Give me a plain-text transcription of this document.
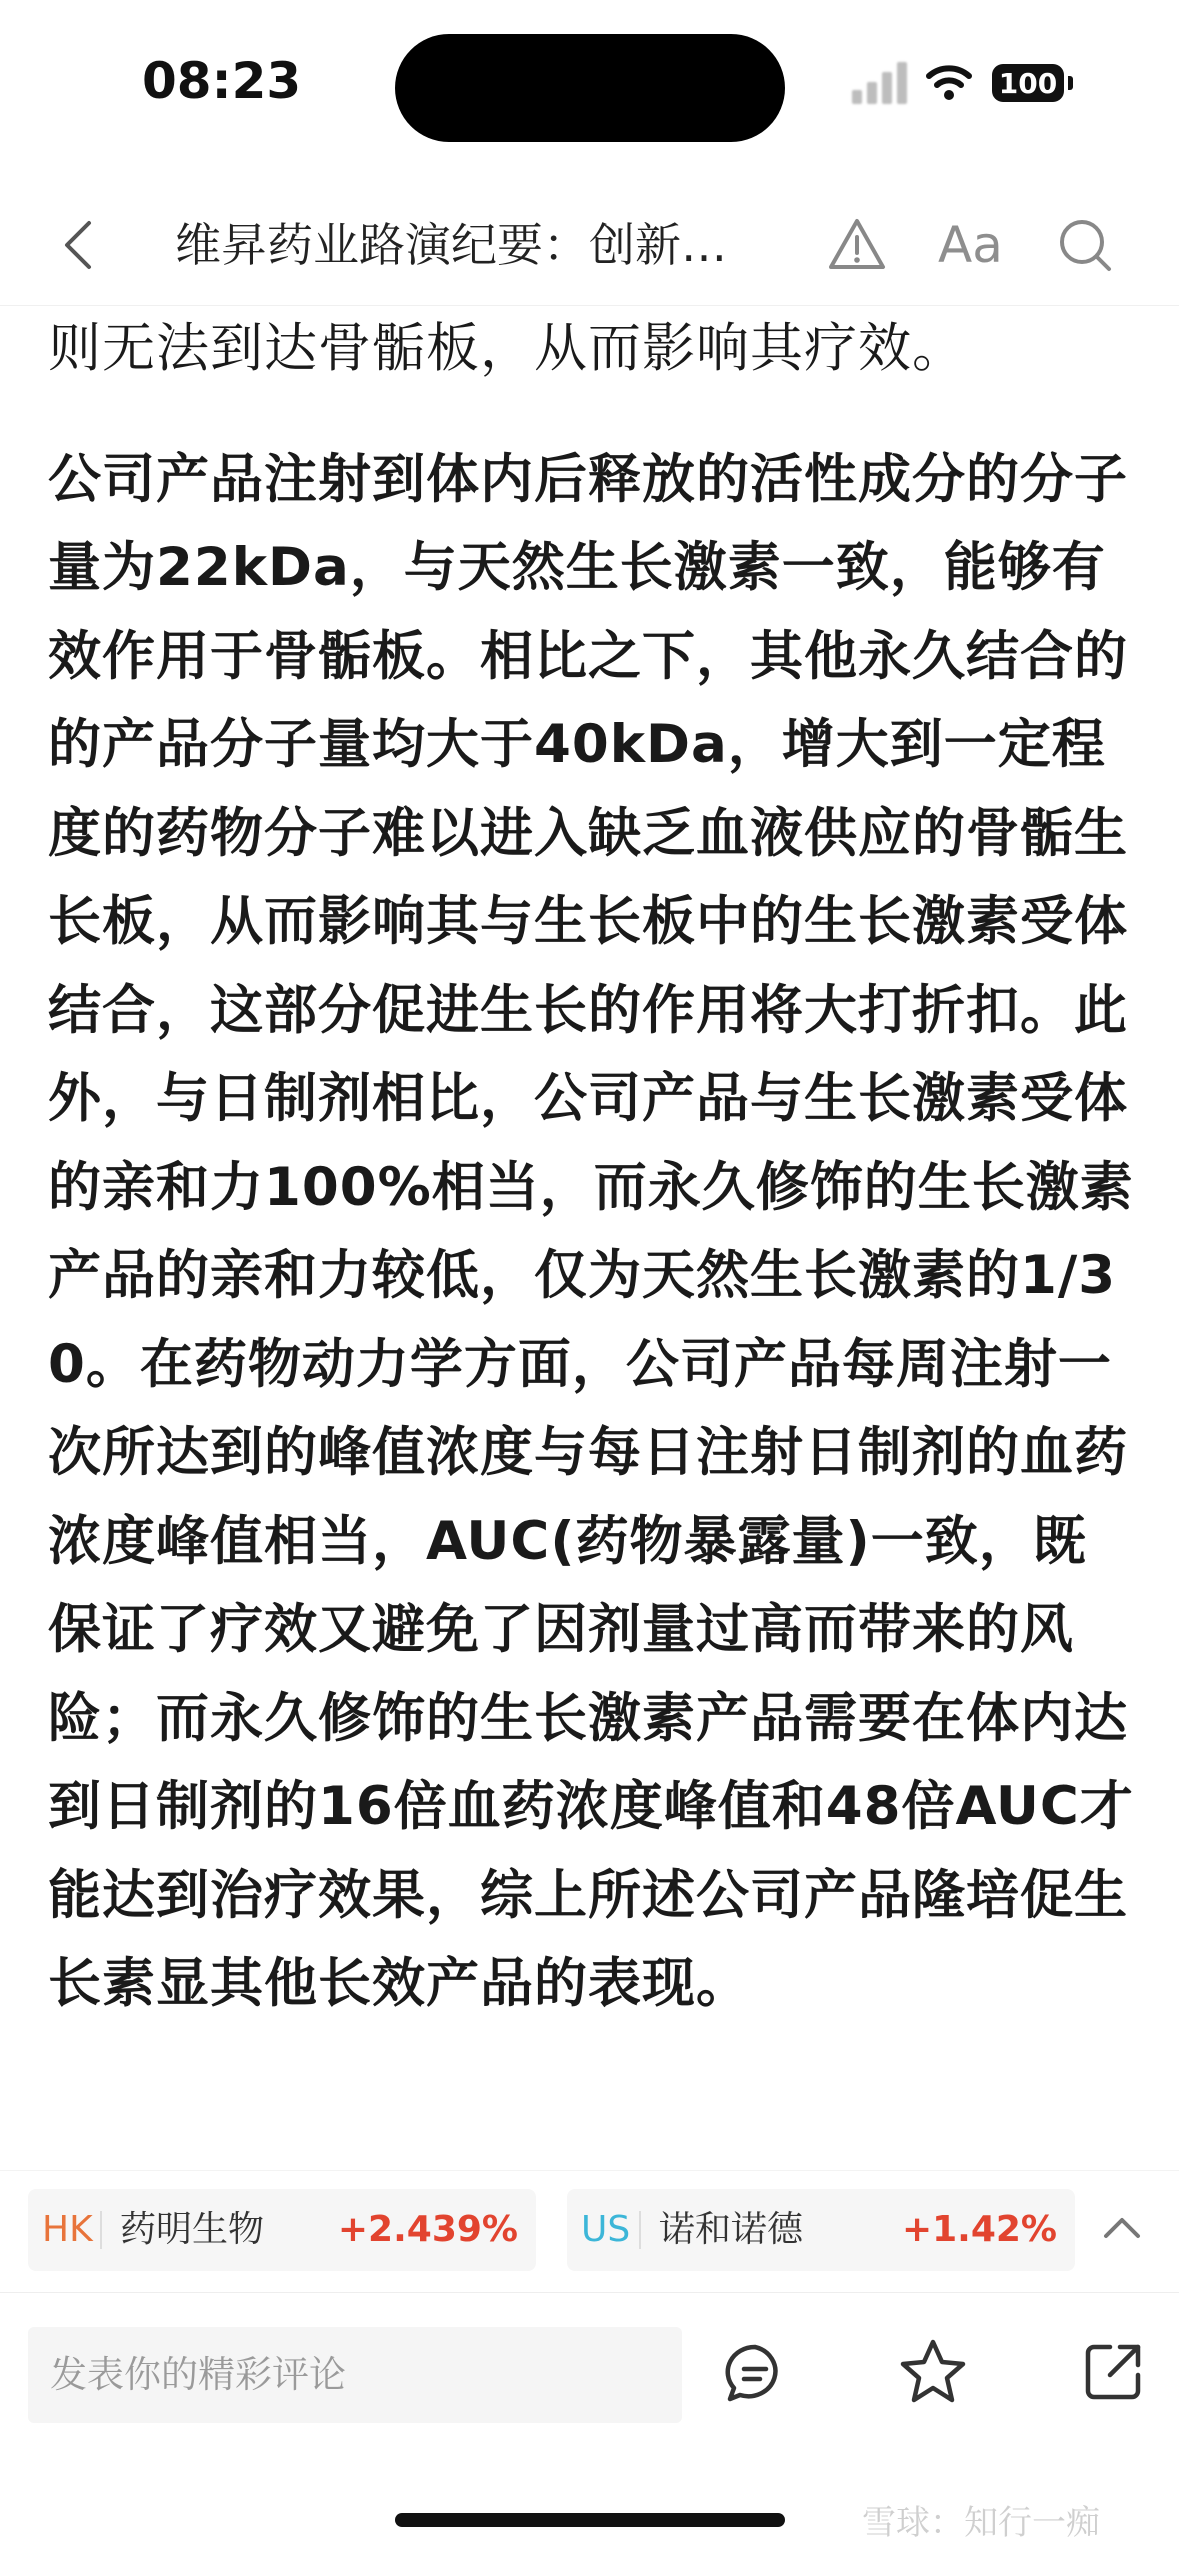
08:23	100
维昇药业路演纪要：创新…	Aa

则无法到达骨骺板，从而影响其疗效。

公司产品注射到体内后释放的活性成分的分子量为22kDa，与天然生长激素一致，能够有效作用于骨骺板。相比之下，其他永久结合的的产品分子量均大于40kDa，增大到一定程度的药物分子难以进入缺乏血液供应的骨骺生长板，从而影响其与生长板中的生长激素受体结合，这部分促进生长的作用将大打折扣。此外，与日制剂相比，公司产品与生长激素受体的亲和力100%相当，而永久修饰的生长激素产品的亲和力较低，仅为天然生长激素的1/30。在药物动力学方面，公司产品每周注射一次所达到的峰值浓度与每日注射日制剂的血药浓度峰值相当，AUC(药物暴露量)一致，既保证了疗效又避免了因剂量过高而带来的风险；而永久修饰的生长激素产品需要在体内达到日制剂的16倍血药浓度峰值和48倍AUC才能达到治疗效果，综上所述公司产品隆培促生长素显其他长效产品的表现。

HK 药明生物 +2.439% US 诺和诺德	+1.42%
发表你的精彩评论
雪球：知行一痴
